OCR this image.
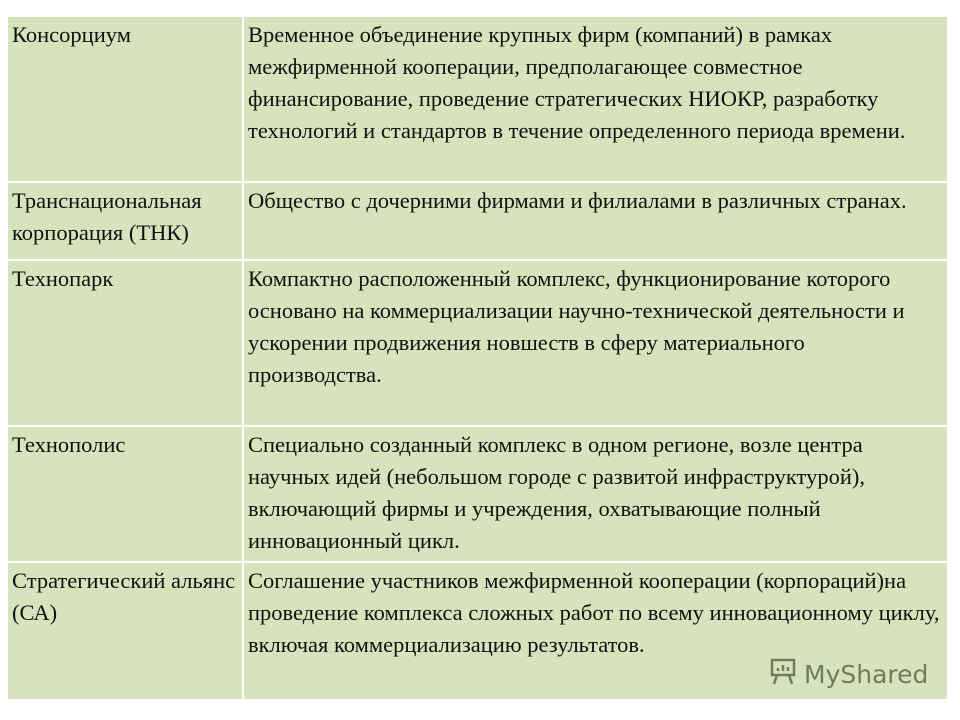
Консорциум	Временное объединение крупных фирм (компаний) в рамках межфирменной кооперации, предполагающее совместное финансирование, проведение стратегических НИОКР, разработку технологий и стандартов в течение определенного периода времени.
Транснациональная корпорация (ТНК)	Общество с дочерними фирмами и филиалами в различных странах.
Технопарк	Компактно расположенный комплекс, функционирование которого основано на коммерциализации научно-технической деятельности и ускорении продвижения новшеств в сферу материального производства.
Технополис	Специально созданный комплекс в одном регионе, возле центра научных идей (небольшом городе с развитой инфраструктурой), включающий фирмы и учреждения, охватывающие полный инновационный цикл.
Стратегический альянс (СА)	Соглашение участников межфирменной кооперации (корпораций)на проведение комплекса сложных работ по всему инновационному циклу, включая коммерциализацию результатов.
MyShared
